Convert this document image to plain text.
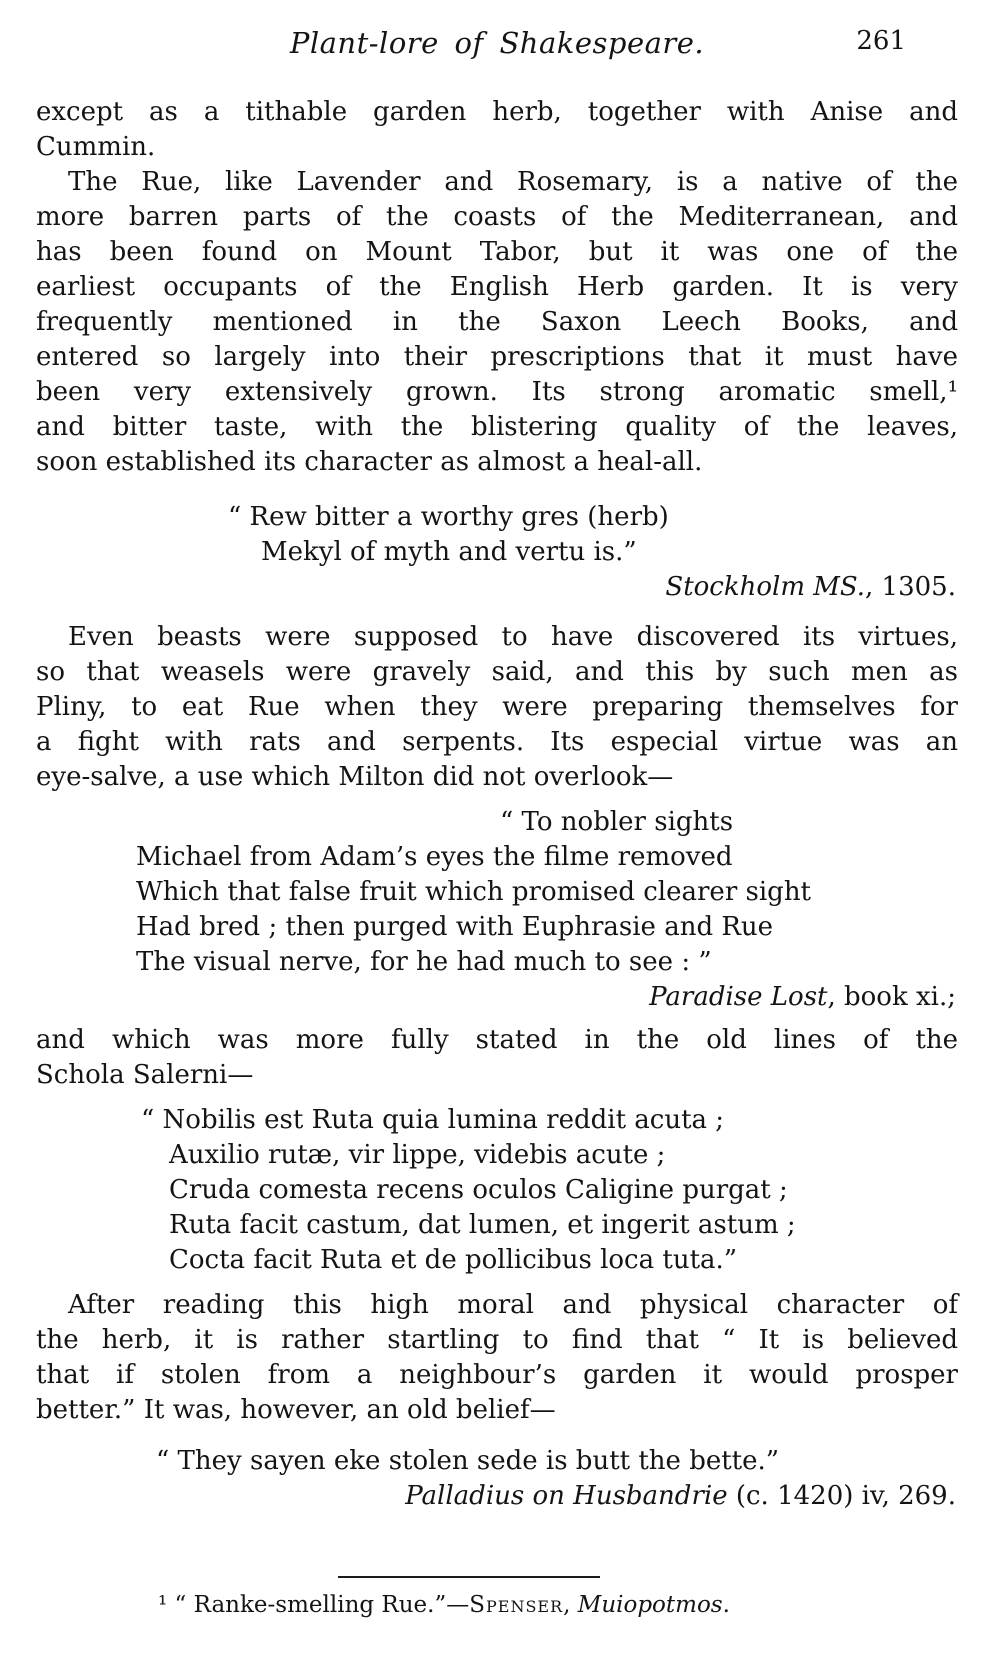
Plant-lore of Shakespeare.	261
except as a tithable garden herb, together with Anise and
Cummin.
The Rue, like Lavender and Rosemary, is a native of the
more barren parts of the coasts of the Mediterranean, and
has been found on Mount Tabor, but it was one of the
earliest occupants of the English Herb garden. It is very
frequently mentioned in the Saxon Leech Books, and
entered so largely into their prescriptions that it must have
been very extensively grown. Its strong aromatic smell,¹
and bitter taste, with the blistering quality of the leaves,
soon established its character as almost a heal-all.
“ Rew bitter a worthy gres (herb)
Mekyl of myth and vertu is.”
Stockholm MS., 1305.
Even beasts were supposed to have discovered its virtues,
so that weasels were gravely said, and this by such men as
Pliny, to eat Rue when they were preparing themselves for
a fight with rats and serpents. Its especial virtue was an
eye-salve, a use which Milton did not overlook—
“ To nobler sights
Michael from Adam’s eyes the filme removed
Which that false fruit which promised clearer sight
Had bred ; then purged with Euphrasie and Rue
The visual nerve, for he had much to see : ”
Paradise Lost, book xi.;
and which was more fully stated in the old lines of the
Schola Salerni—
“ Nobilis est Ruta quia lumina reddit acuta ;
Auxilio rutæ, vir lippe, videbis acute ;
Cruda comesta recens oculos Caligine purgat ;
Ruta facit castum, dat lumen, et ingerit astum ;
Cocta facit Ruta et de pollicibus loca tuta.”
After reading this high moral and physical character of
the herb, it is rather startling to find that “ It is believed
that if stolen from a neighbour’s garden it would prosper
better.” It was, however, an old belief—
“ They sayen eke stolen sede is butt the bette.”
Palladius on Husbandrie (c. 1420) iv, 269.
¹ “ Ranke-smelling Rue.”—Spenser, Muiopotmos.
